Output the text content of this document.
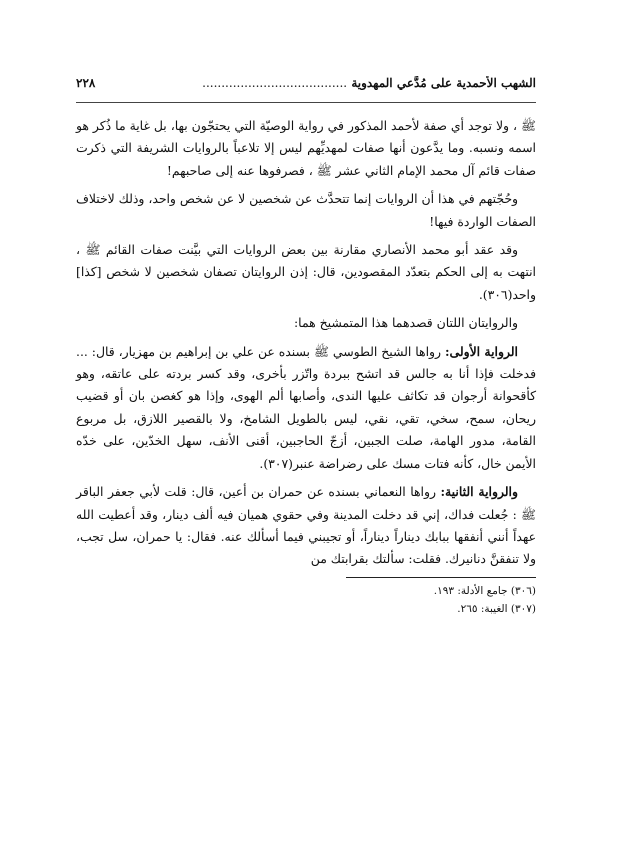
الشهب الأحمدية على مُدَّعي المهدوية ......................................
٢٢٨

ﷺ ، ولا توجد أي صفة لأحمد المذكور في رواية الوصيّة التي يحتجّون بها، بل غاية ما ذُكر هو اسمه ونسبه. وما يدَّعون أنها صفات لمهديِّهم ليس إلا تلاعباً بالروايات الشريفة التي ذكرت صفات قائم آل محمد الإمام الثاني عشر ﷺ ، فصرفوها عنه إلى صاحبهم!

وحُجّتهم في هذا أن الروايات إنما تتحدَّث عن شخصين لا عن شخص واحد، وذلك لاختلاف الصفات الواردة فيها!

وقد عقد أبو محمد الأنصاري مقارنة بين بعض الروايات التي بيَّنت صفات القائم ﷺ ، انتهت به إلى الحكم بتعدّد المقصودين، قال: إذن الروايتان تصفان شخصين لا شخص [كذا] واحد(٣٠٦).

والروايتان اللتان قصدهما هذا المتمشيخ هما:

الرواية الأولى: رواها الشيخ الطوسي ﷺ بسنده عن علي بن إبراهيم بن مهزيار، قال: ... فدخلت فإذا أنا به جالس قد اتشح ببردة واتّزر بأخرى، وقد كسر بردته على عاتقه، وهو كأقحوانة أرجوان قد تكاثف عليها الندى، وأصابها ألم الهوى، وإذا هو كغصن بان أو قضيب ريحان، سمح، سخي، تقي، نقي، ليس بالطويل الشامخ، ولا بالقصير اللازق، بل مربوع القامة، مدور الهامة، صلت الجبين، أزجّ الحاجبين، أقنى الأنف، سهل الخدّين، على خدّه الأيمن خال، كأنه فتات مسك على رضراضة عنبر(٣٠٧).

والرواية الثانية: رواها النعماني بسنده عن حمران بن أعين، قال: قلت لأبي جعفر الباقر ﷺ : جُعلت فداك، إني قد دخلت المدينة وفي حقوي هميان فيه ألف دينار، وقد أعطيت الله عهداً أنني أنفقها ببابك ديناراً ديناراً، أو تجيبني فيما أسألك عنه. فقال: يا حمران، سل تجب، ولا تنفقنَّ دنانيرك. فقلت: سألتك بقرابتك من

(٣٠٦) جامع الأدلة: ١٩٣.
(٣٠٧) الغيبة: ٢٦٥.
